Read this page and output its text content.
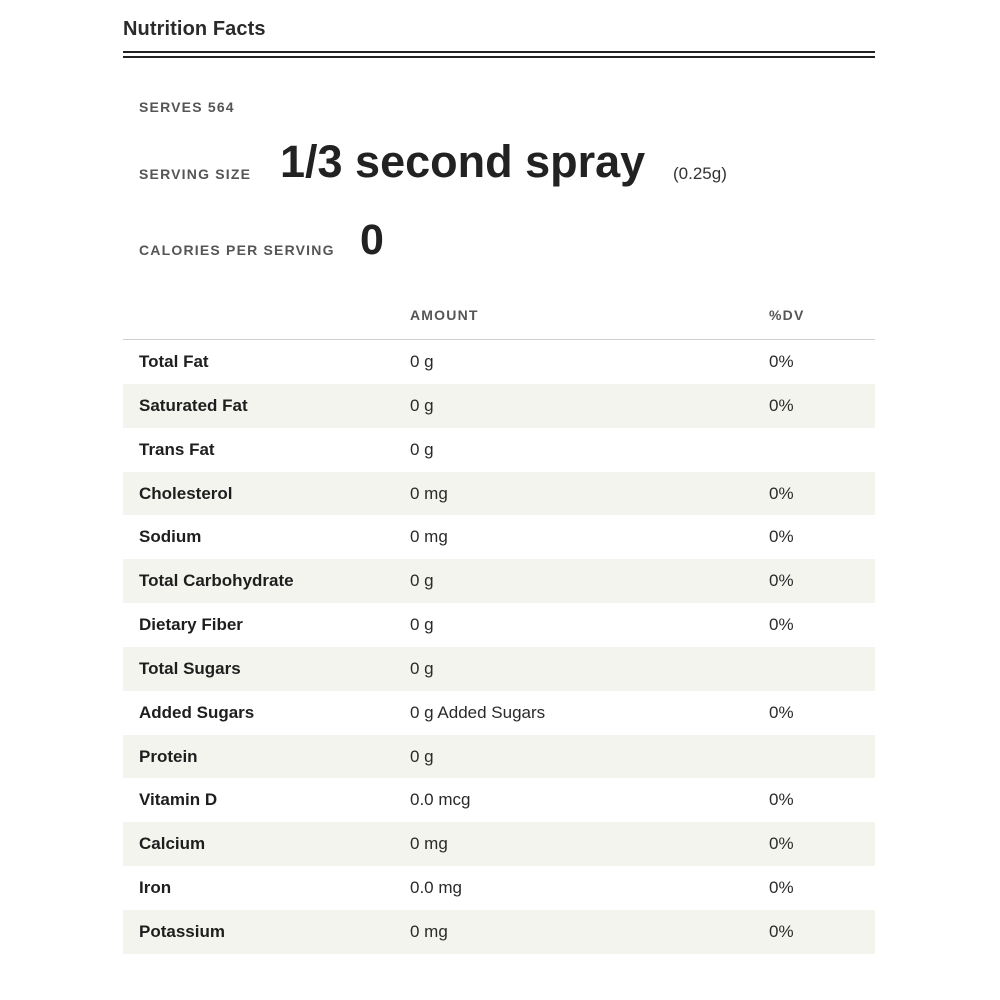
Nutrition Facts
SERVES 564
SERVING SIZE 1/3 second spray (0.25g)
CALORIES PER SERVING 0
AMOUNT	%DV
Total Fat	0 g	0%
Saturated Fat	0 g	0%
Trans Fat	0 g
Cholesterol	0 mg	0%
Sodium	0 mg	0%
Total Carbohydrate	0 g	0%
Dietary Fiber	0 g	0%
Total Sugars	0 g
Added Sugars	0 g Added Sugars	0%
Protein	0 g
Vitamin D	0.0 mcg	0%
Calcium	0 mg	0%
Iron	0.0 mg	0%
Potassium	0 mg	0%
